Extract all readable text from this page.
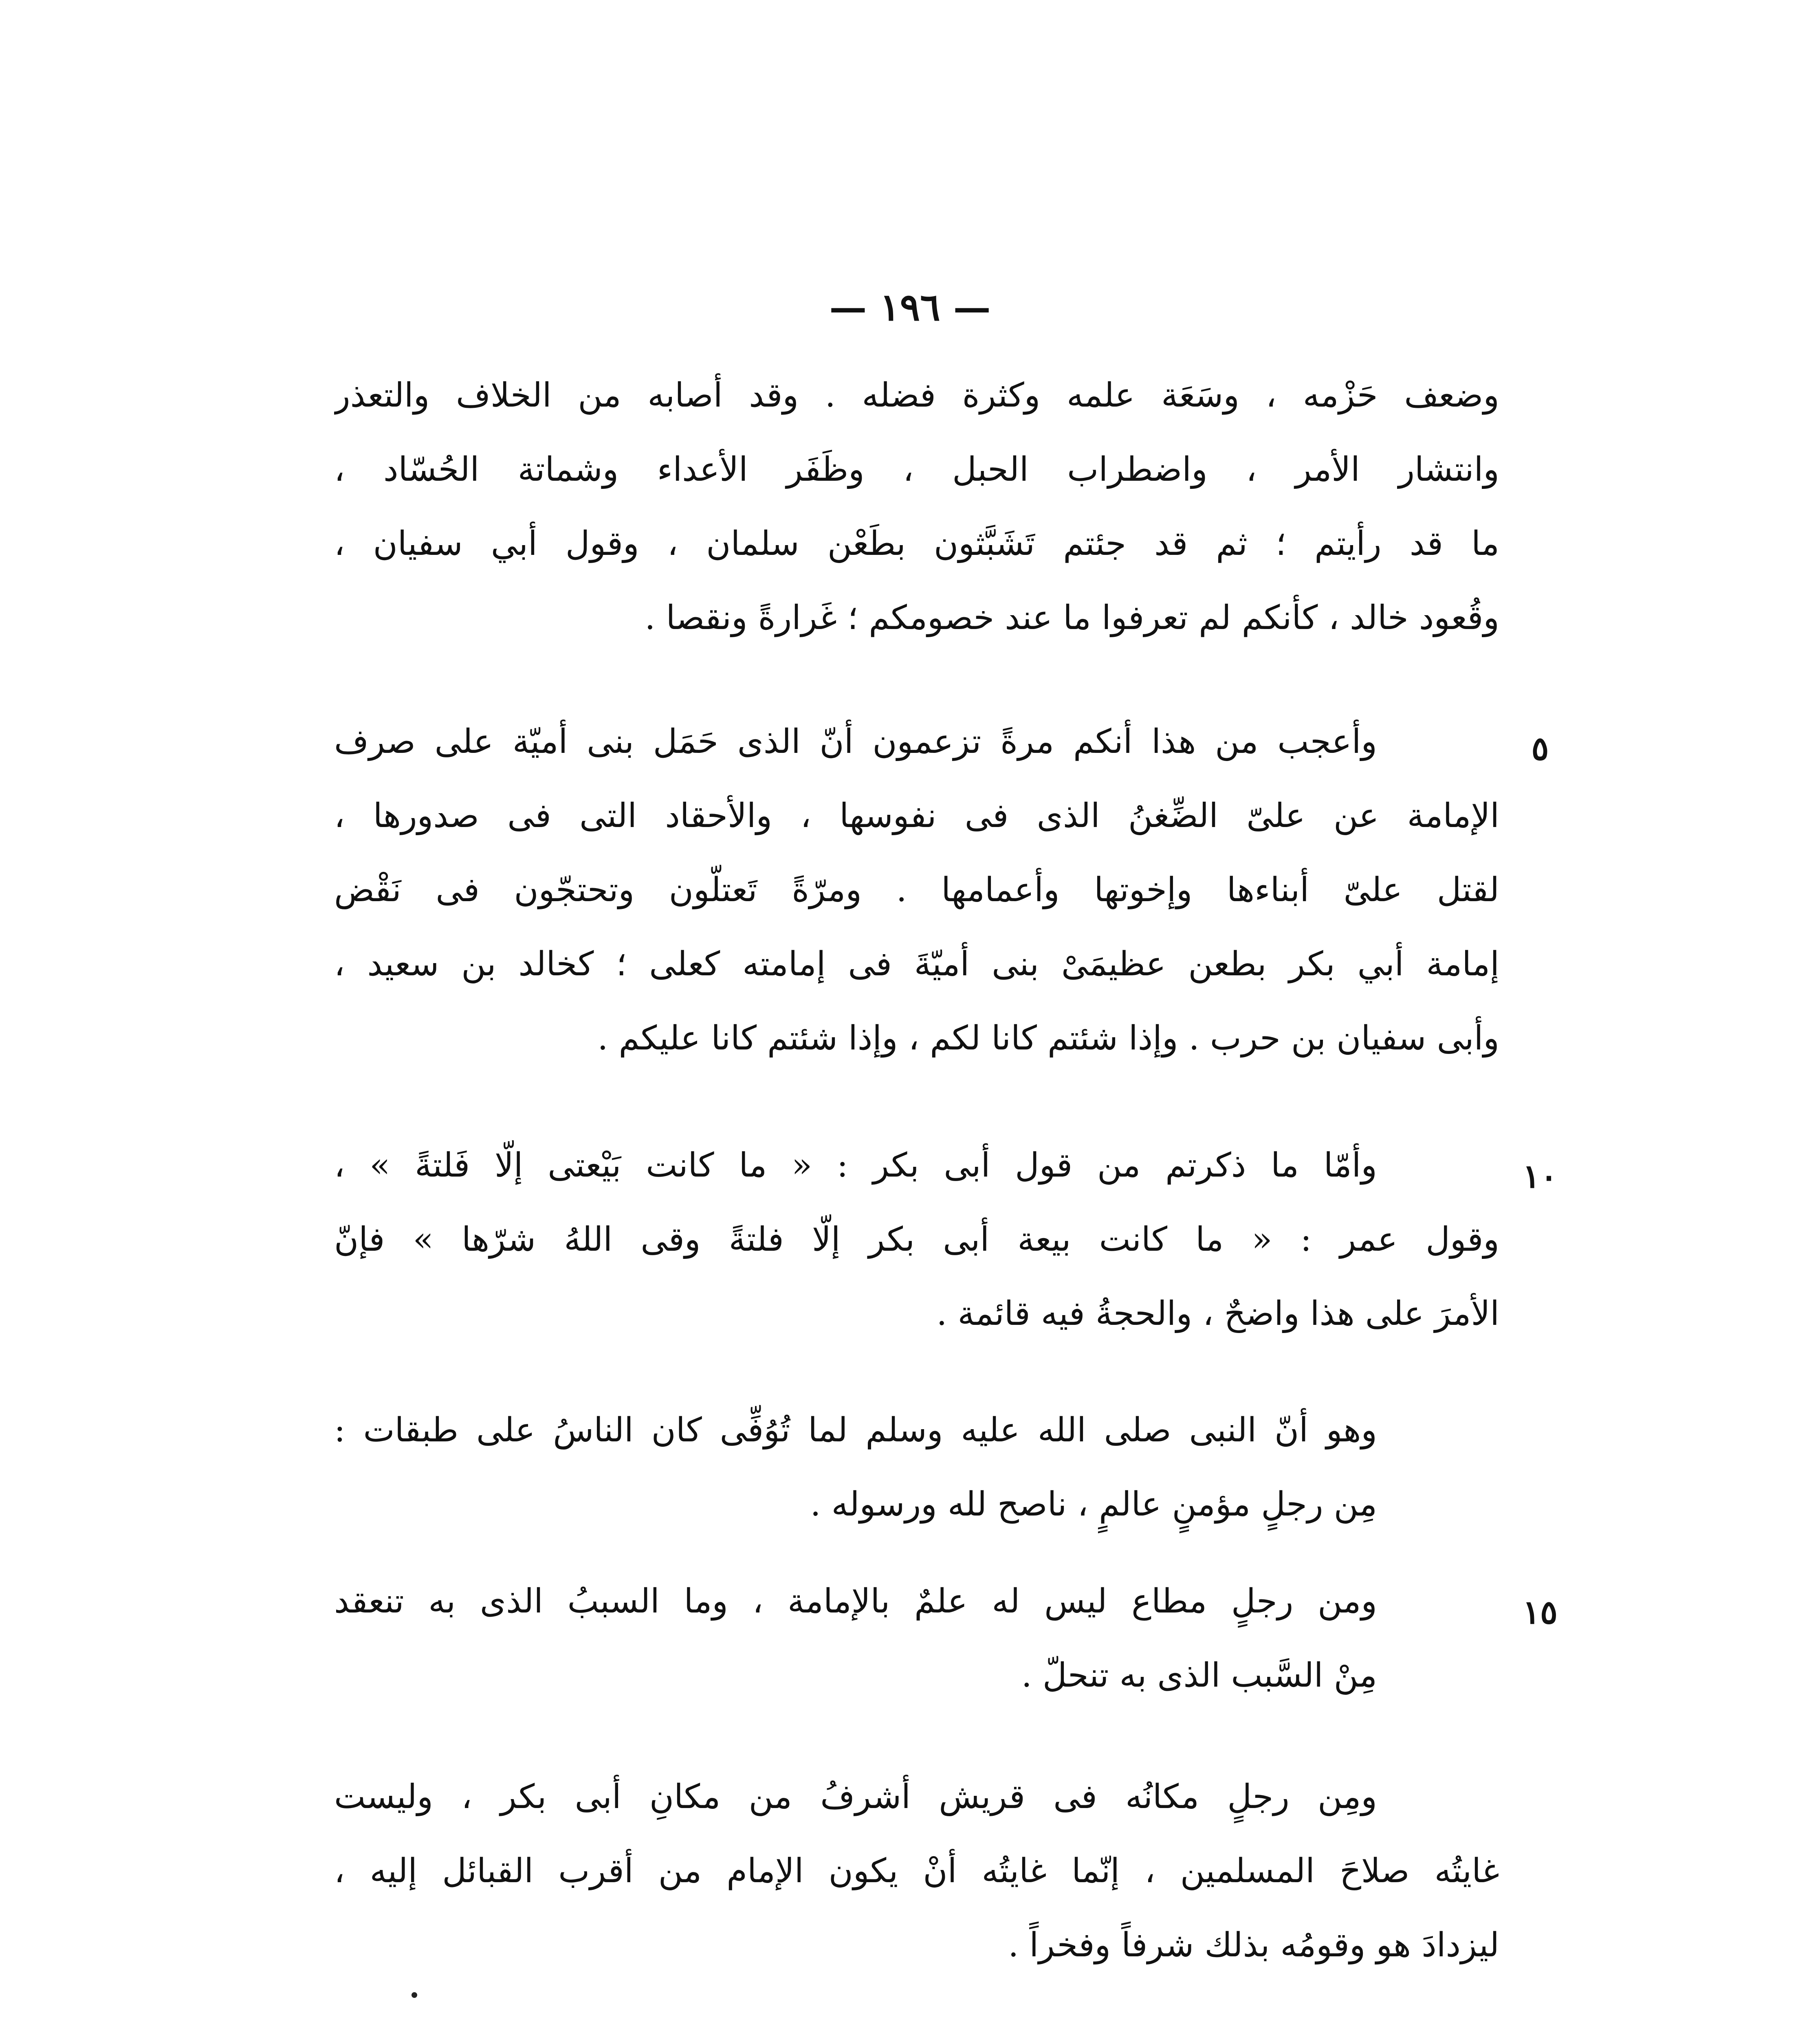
— ١٩٦ —
وضعف حَزْمه ، وسَعَة علمه وكثرة فضله . وقد أصابه من الخلاف والتعذر
وانتشار الأمر ، واضطراب الحبل ، وظَفَر الأعداء وشماتة الحُسّاد ،
ما قد رأيتم ؛ ثم قد جئتم تَشَبَّثون بطَعْن سلمان ، وقول أبي سفيان ،
وقُعود خالد ، كأنكم لم تعرفوا ما عند خصومكم ؛ غَرارةً ونقصا .
٥
وأعجب من هذا أنكم مرةً تزعمون أنّ الذى حَمَل بنى أميّة على صرف
الإمامة عن علىّ الضِّغنُ الذى فى نفوسها ، والأحقاد التى فى صدورها ،
لقتل علىّ أبناءها وإخوتها وأعمامها . ومرّةً تَعتلّون وتحتجّون فى نَقْض
إمامة أبي بكر بطعن عظيمَىْ بنى أميّةَ فى إمامته كعلى ؛ كخالد بن سعيد ،
وأبى سفيان بن حرب . وإذا شئتم كانا لكم ، وإذا شئتم كانا عليكم .
١٠
وأمّا ما ذكرتم من قول أبى بكر : « ما كانت بَيْعتى إلّا فَلتةً » ،
وقول عمر : « ما كانت بيعة أبى بكر إلّا فلتةً وقى اللهُ شرّها » فإنّ
الأمرَ على هذا واضحٌ ، والحجةُ فيه قائمة .
وهو أنّ النبى صلى الله عليه وسلم لما تُوُفِّى كان الناسُ على طبقات :
مِن رجلٍ مؤمنٍ عالمٍ ، ناصح لله ورسوله .
١٥
ومن رجلٍ مطاع ليس له علمٌ بالإمامة ، وما السببُ الذى به تنعقد
مِنْ السَّبب الذى به تنحلّ .
ومِن رجلٍ مكانُه فى قريش أشرفُ من مكانِ أبى بكر ، وليست
غايتُه صلاحَ المسلمين ، إنّما غايتُه أنْ يكون الإمام من أقرب القبائل إليه ،
ليزدادَ هو وقومُه بذلك شرفاً وفخراً .
